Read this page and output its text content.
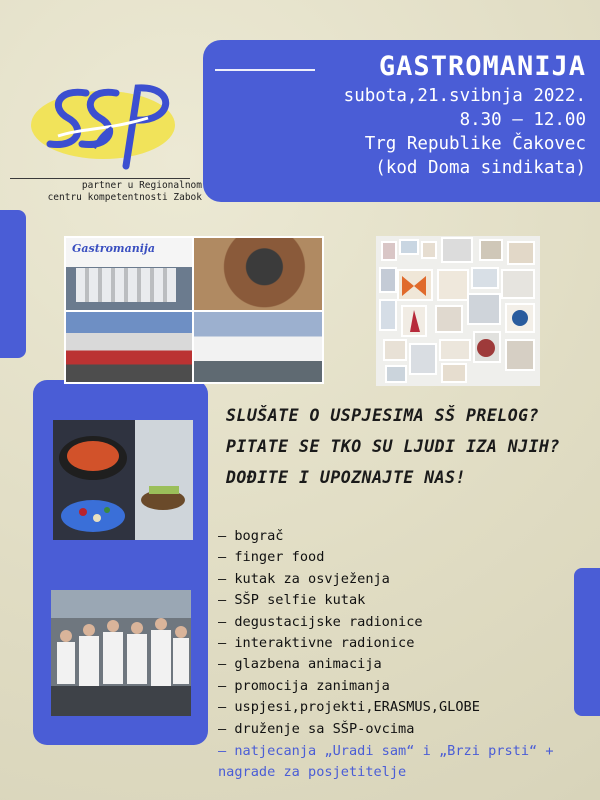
partner u Regionalnom
centru kompetentnosti Zabok
GASTROMANIJA
subota,21.svibnja 2022.
8.30 – 12.00
Trg Republike Čakovec
(kod Doma sindikata)
Gastromanija
SLUŠATE O USPJESIMA SŠ PRELOG? PITATE SE TKO SU LJUDI IZA NJIH? DOĐITE I UPOZNAJTE NAS!
– bograč
– finger food
– kutak za osvježenja
– SŠP selfie kutak
– degustacijske radionice
– interaktivne radionice
– glazbena animacija
– promocija zanimanja
– uspjesi,projekti,ERASMUS,GLOBE
– druženje sa SŠP-ovcima
– natjecanja „Uradi sam“ i „Brzi prsti“ + nagrade za posjetitelje
